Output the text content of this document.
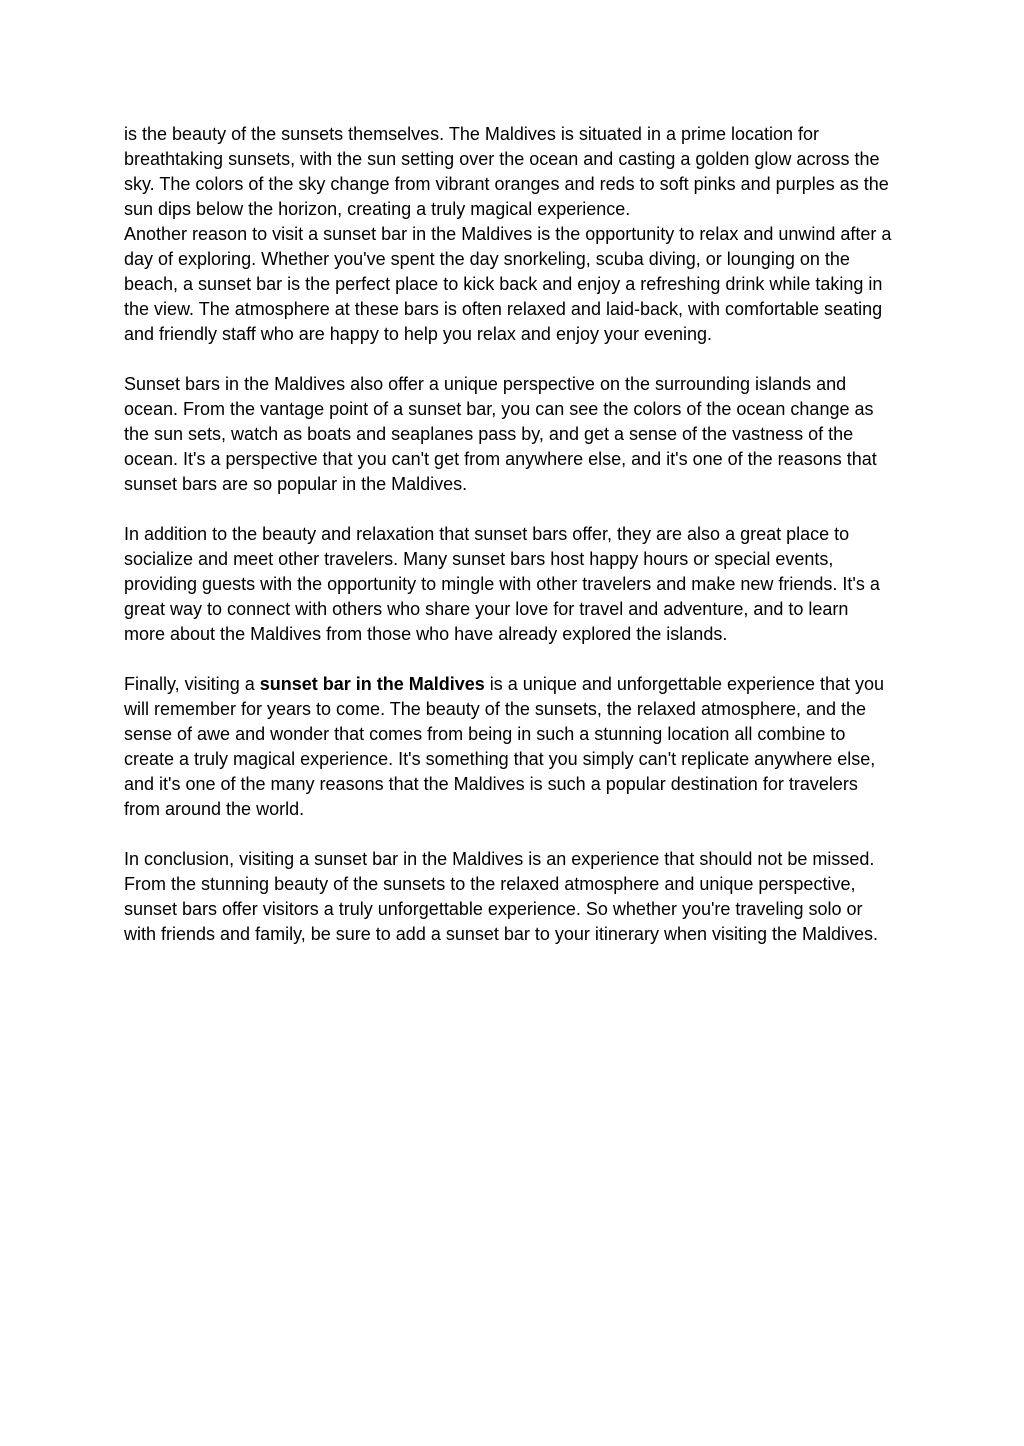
is the beauty of the sunsets themselves. The Maldives is situated in a prime location for breathtaking sunsets, with the sun setting over the ocean and casting a golden glow across the sky. The colors of the sky change from vibrant oranges and reds to soft pinks and purples as the sun dips below the horizon, creating a truly magical experience.

Another reason to visit a sunset bar in the Maldives is the opportunity to relax and unwind after a day of exploring. Whether you've spent the day snorkeling, scuba diving, or lounging on the beach, a sunset bar is the perfect place to kick back and enjoy a refreshing drink while taking in the view. The atmosphere at these bars is often relaxed and laid-back, with comfortable seating and friendly staff who are happy to help you relax and enjoy your evening.

Sunset bars in the Maldives also offer a unique perspective on the surrounding islands and ocean. From the vantage point of a sunset bar, you can see the colors of the ocean change as the sun sets, watch as boats and seaplanes pass by, and get a sense of the vastness of the ocean. It's a perspective that you can't get from anywhere else, and it's one of the reasons that sunset bars are so popular in the Maldives.

In addition to the beauty and relaxation that sunset bars offer, they are also a great place to socialize and meet other travelers. Many sunset bars host happy hours or special events, providing guests with the opportunity to mingle with other travelers and make new friends. It's a great way to connect with others who share your love for travel and adventure, and to learn more about the Maldives from those who have already explored the islands.

Finally, visiting a sunset bar in the Maldives is a unique and unforgettable experience that you will remember for years to come. The beauty of the sunsets, the relaxed atmosphere, and the sense of awe and wonder that comes from being in such a stunning location all combine to create a truly magical experience. It's something that you simply can't replicate anywhere else, and it's one of the many reasons that the Maldives is such a popular destination for travelers from around the world.

In conclusion, visiting a sunset bar in the Maldives is an experience that should not be missed. From the stunning beauty of the sunsets to the relaxed atmosphere and unique perspective, sunset bars offer visitors a truly unforgettable experience. So whether you're traveling solo or with friends and family, be sure to add a sunset bar to your itinerary when visiting the Maldives.
